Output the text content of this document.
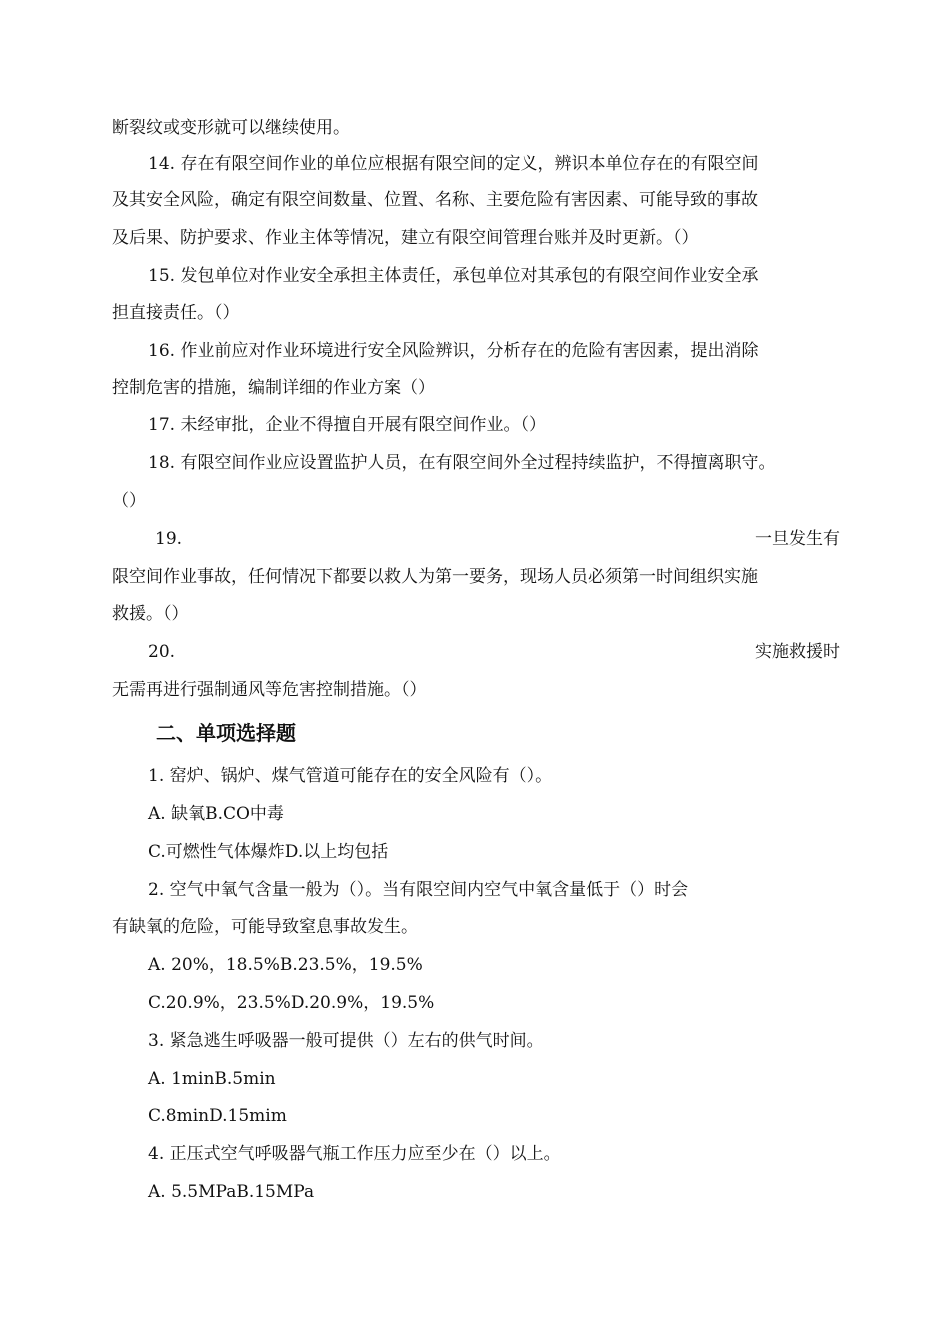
断裂纹或变形就可以继续使用。
14. 存在有限空间作业的单位应根据有限空间的定义，辨识本单位存在的有限空间
及其安全风险，确定有限空间数量、位置、名称、主要危险有害因素、可能导致的事故
及后果、防护要求、作业主体等情况，建立有限空间管理台账并及时更新。（）
15. 发包单位对作业安全承担主体责任，承包单位对其承包的有限空间作业安全承
担直接责任。（）
16. 作业前应对作业环境进行安全风险辨识，分析存在的危险有害因素，提出消除
控制危害的措施，编制详细的作业方案（）
17. 未经审批，企业不得擅自开展有限空间作业。（）
18. 有限空间作业应设置监护人员，在有限空间外全过程持续监护，不得擅离职守。
（）
19.	一旦发生有
限空间作业事故，任何情况下都要以救人为第一要务，现场人员必须第一时间组织实施
救援。（）
20.	实施救援时
无需再进行强制通风等危害控制措施。（）
二、单项选择题
1. 窑炉、锅炉、煤气管道可能存在的安全风险有（）。
A. 缺氧B.CO中毒
C.可燃性气体爆炸D.以上均包括
2. 空气中氧气含量一般为（）。当有限空间内空气中氧含量低于（）时会
有缺氧的危险，可能导致窒息事故发生。
A. 20%，18.5%B.23.5%，19.5%
C.20.9%，23.5%D.20.9%，19.5%
3. 紧急逃生呼吸器一般可提供（）左右的供气时间。
A. 1minB.5min
C.8minD.15mim
4. 正压式空气呼吸器气瓶工作压力应至少在（）以上。
A. 5.5MPaB.15MPa
